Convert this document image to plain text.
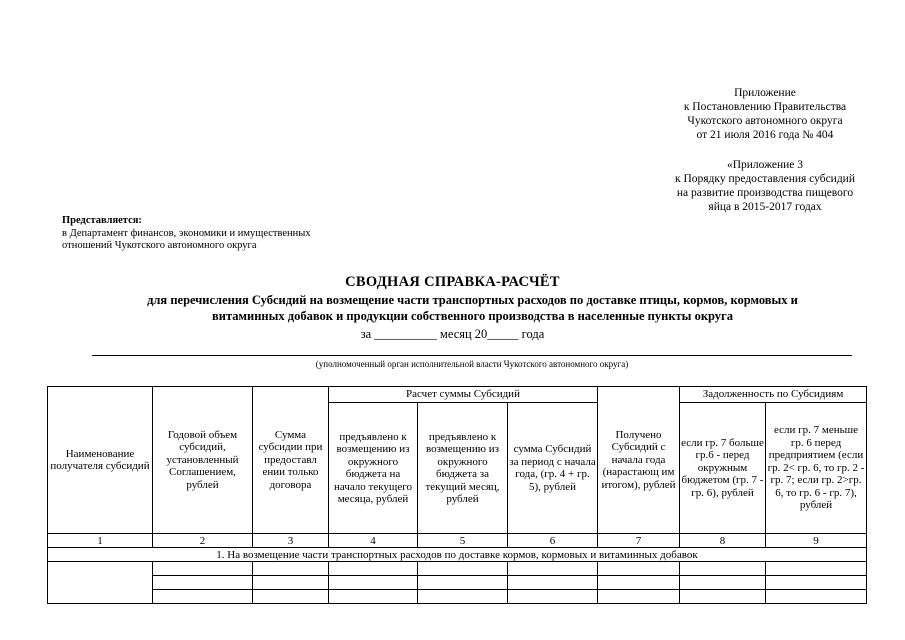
Приложение
к Постановлению Правительства
Чукотского автономного округа
от 21 июля 2016 года № 404
«Приложение 3
к Порядку предоставления субсидий
на развитие производства пищевого
яйца в 2015-2017 годах
Представляется:
в Департамент финансов, экономики и имущественных
отношений Чукотского автономного округа
СВОДНАЯ СПРАВКА-РАСЧЁТ
для перечисления Субсидий на возмещение части транспортных расходов по доставке птицы, кормов, кормовых и
витаминных добавок и продукции собственного производства в населенные пункты округа
за __________ месяц 20_____ года
(уполномоченный орган исполнительной власти Чукотского автономного округа)
Наименование получателя субсидий	Годовой объем субсидий, установленный Соглашением, рублей	Сумма субсидии при предоставл ении только договора	Расчет суммы Субсидий			Получено Субсидий с начала года (нарастающ им итогом), рублей	Задолженность по Субсидиям	
			предъявлено к возмещению из окружного бюджета на начало текущего месяца, рублей	предъявлено к возмещению из окружного бюджета за текущий месяц, рублей	сумма Субсидий за период с начала года, (гр. 4 + гр. 5), рублей		если гр. 7 больше гр.6 - перед окружным бюджетом (гр. 7 - гр. 6), рублей	если гр. 7 меньше гр. 6 перед предприятием (если гр. 2< гр. 6, то гр. 2 - гр. 7; если гр. 2>гр. 6, то гр. 6 - гр. 7), рублей
1	2	3	4	5	6	7	8	9
1. На возмещение части транспортных расходов по доставке кормов, кормовых и витаминных добавок								
